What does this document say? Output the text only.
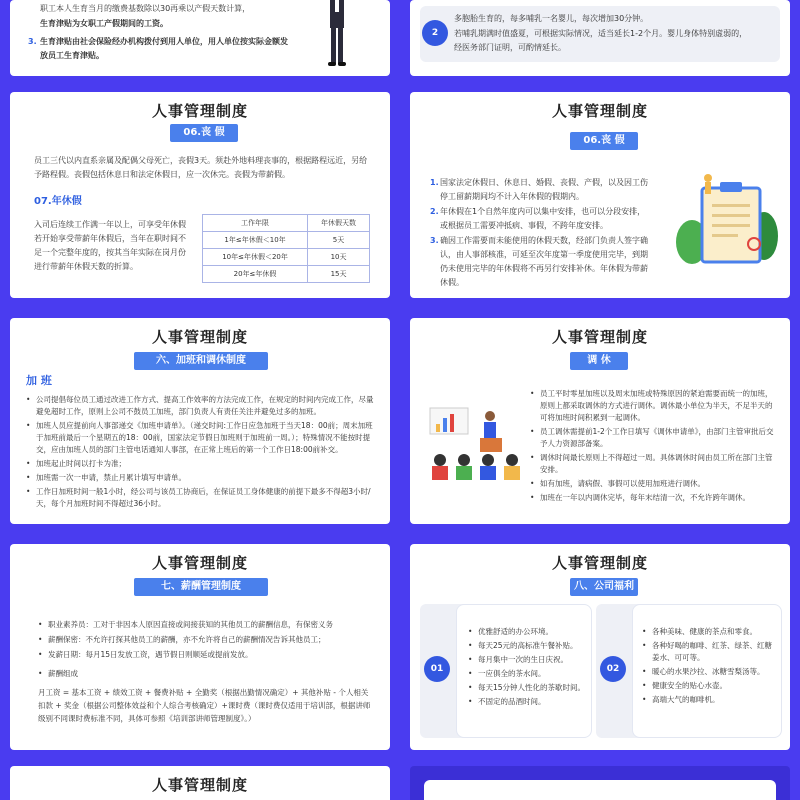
职工本人生育当月的缴费基数除以30再乘以产假天数计算，

生育津贴为女职工产假期间的工资。

3. 生育津贴由社会保险经办机构拨付到用人单位，用人单位按实际金额发放员工生育津贴。

2

多胞胎生育的，每多哺乳一名婴儿，每次增加30分钟。

若哺乳期满时值盛夏，可根据实际情况，适当延长1-2个月。婴儿身体特别虚弱的，经医务部门证明，可酌情延长。

人事管理制度
06.丧 假
员工三代以内直系亲属及配偶父母死亡，丧假3天。须赴外地料理丧事的，根据路程远近，另给予路程假。丧假包括休息日和法定休假日，应一次休完。丧假为带薪假。
07.年休假
入司后连续工作满一年以上，可享受年休假若开始享受带薪年休假后，当年在职时间不足一个完整年度的，按其当年实际在岗月份进行带薪年休假天数的折算。
工作年限	年休假天数
1年≤年休假＜10年	5天
10年≤年休假＜20年	10天
20年≤年休假	15天
人事管理制度
06.丧 假
1. 国家法定休假日、休息日、婚假、丧假、产假，以及因工伤停工留薪期间均不计入年休假的假期内。
2. 年休假在1个自然年度内可以集中安排，也可以分段安排，或根据员工需要冲抵病、事假，不跨年度安排。
3. 确因工作需要而未能使用的休假天数，经部门负责人签字确认，由人事部核准，可延至次年度第一季度使用完毕，到期仍未使用完毕的年休假将不再另行安排补休。年休假为带薪休假。
人事管理制度
六、加班和调休制度
加 班
• 公司提倡每位员工通过改进工作方式、提高工作效率的方法完成工作，在规定的时间内完成工作，尽量避免超时工作，原则上公司不鼓员工加班，部门负责人有责任关注并避免过多的加班。
• 加班人员应提前向人事部递交《加班申请单》。（递交时间:工作日应急加班于当天18：00前；周末加班于加班前最后一个星期五的18：00前，国家法定节假日加班则于加班前一周。）；特殊情况不能按时提交，应由加班人员的部门主管电话通知人事部，在正常上班后的第一个工作日18:00前补交。
• 加班起止时间以打卡为准；
• 加班需一次一申请，禁止月累计填写申请单。
• 工作日加班时间一般1小时，经公司与该员工协商后，在保证员工身体健康的前提下最多不得超3小时/天，每个月加班时间不得超过36小时。
人事管理制度
调 休
• 员工平时零星加班以及周末加班或特殊原因的紧迫需要而统一的加班，原则上都采取调休的方式进行调休。调休最小单位为半天，不足半天的可将加班时间积累到一起调休。
• 员工调休需提前1-2个工作日填写《调休申请单》，由部门主管审批后交予人力资源部备案。
• 调休时间最长原则上不得超过一周。具体调休时间由员工所在部门主管安排。
• 如有加班，请病假、事假可以使用加班进行调休。
• 加班在一年以内调休完毕，每年末结清一次，不允许跨年调休。
人事管理制度
七、薪酬管理制度
• 职业素养员：工对于非因本人原因直接或间接获知的其他员工的薪酬信息，有保密义务
• 薪酬保密：不允许打探其他员工的薪酬，亦不允许将自己的薪酬情况告诉其他员工；
• 发薪日期：每月15日发放工资，遇节假日则顺延或提前发放。
• 薪酬组成
月工资 = 基本工资 + 绩效工资 + 餐费补贴 + 全勤奖（根据出勤情况确定）+ 其他补贴 - 个人相关扣款 + 奖金（根据公司整体效益和个人综合考核确定）+课时费（课时费仅适用于培训部，根据讲师级别不同课时费标准不同，具体可参照《培训部讲师管理制度》。）
人事管理制度
八、公司福利
01
• 优雅舒适的办公环境。
• 每天25元的高标准午餐补贴。
• 每月集中一次的生日庆祝。
• 一应俱全的茶水间。
• 每天15分钟人性化的茶歇时间。
• 不固定的品酒时间。
02
• 各种美味、健康的茶点和零食。
• 各种好喝的咖啡、红茶、绿茶、红糖姜水、可可等。
• 暖心的水果沙拉、冰糖雪梨汤等。
• 健康安全的贴心水壶。
• 高端大气的咖啡机。
人事管理制度
